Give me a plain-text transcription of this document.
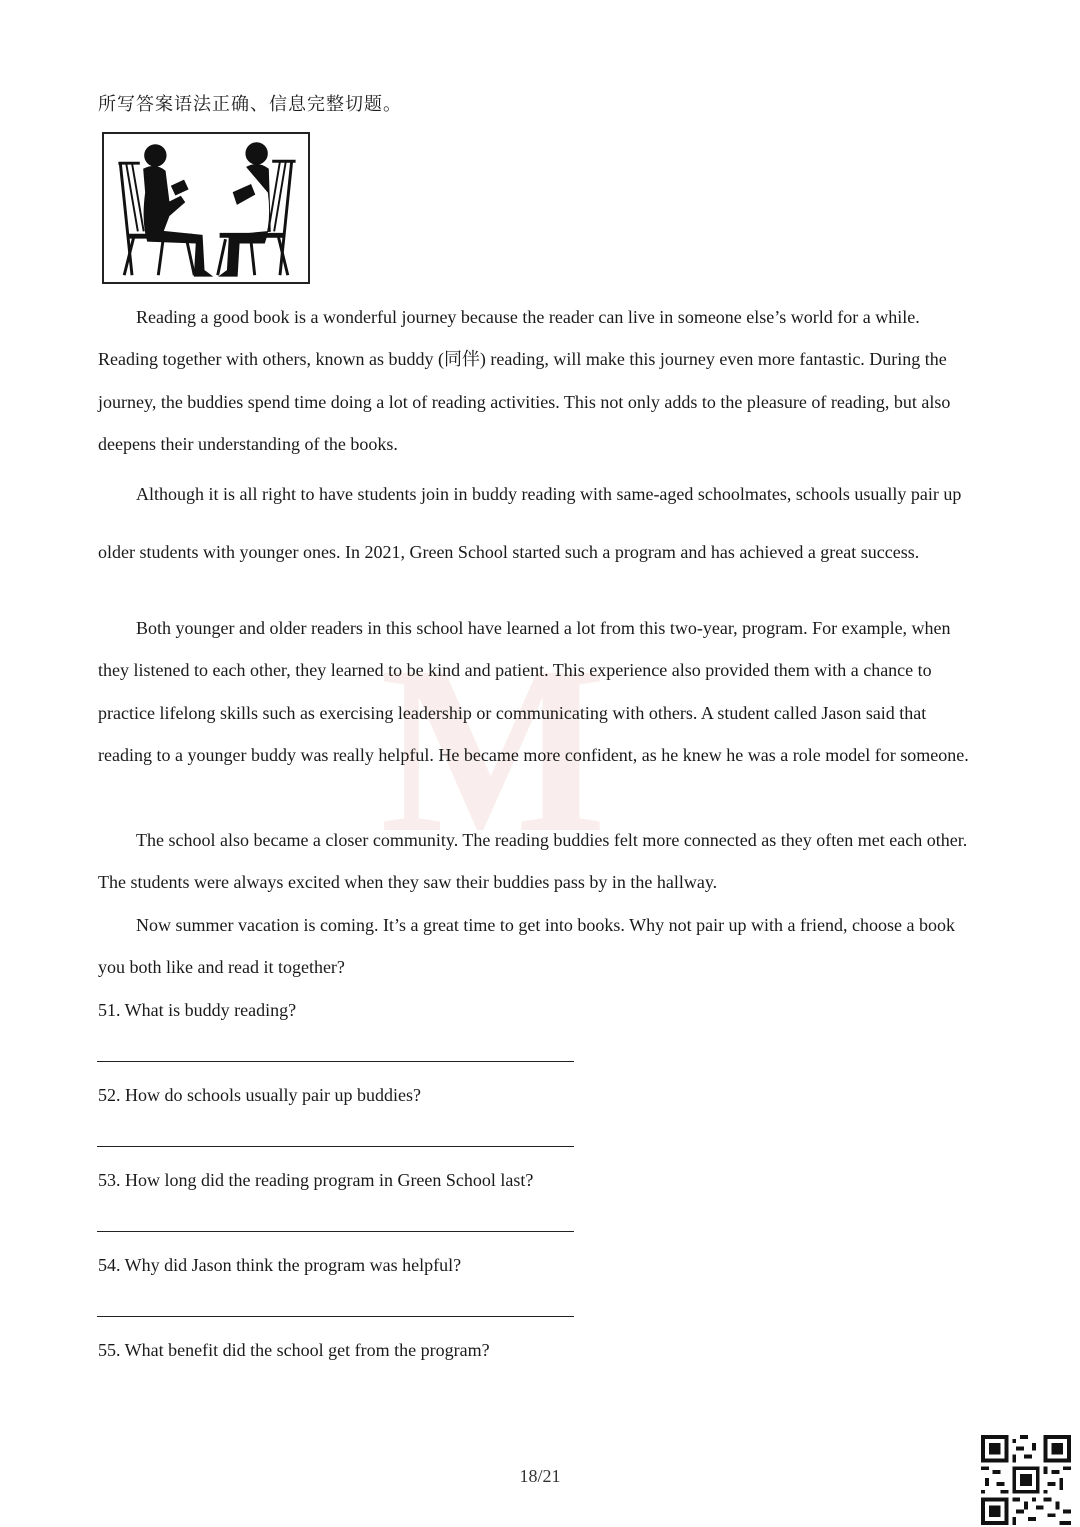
所写答案语法正确、信息完整切题。
M

Reading a good book is a wonderful journey because the reader can live in someone else’s world for a while. Reading together with others, known as buddy (同伴) reading, will make this journey even more fantastic. During the journey, the buddies spend time doing a lot of reading activities. This not only adds to the pleasure of reading, but also deepens their understanding of the books.

Although it is all right to have students join in buddy reading with same-aged schoolmates, schools usually pair up older students with younger ones. In 2021, Green School started such a program and has achieved a great success.

Both younger and older readers in this school have learned a lot from this two-year, program. For example, when they listened to each other, they learned to be kind and patient. This experience also provided them with a chance to practice lifelong skills such as exercising leadership or communicating with others. A student called Jason said that reading to a younger buddy was really helpful. He became more confident, as he knew he was a role model for someone.

The school also became a closer community. The reading buddies felt more connected as they often met each other. The students were always excited when they saw their buddies pass by in the hallway.

Now summer vacation is coming. It’s a great time to get into books. Why not pair up with a friend, choose a book you both like and read it together?

51. What is buddy reading?
52. How do schools usually pair up buddies?
53. How long did the reading program in Green School last?
54. Why did Jason think the program was helpful?
55. What benefit did the school get from the program?
18/21
